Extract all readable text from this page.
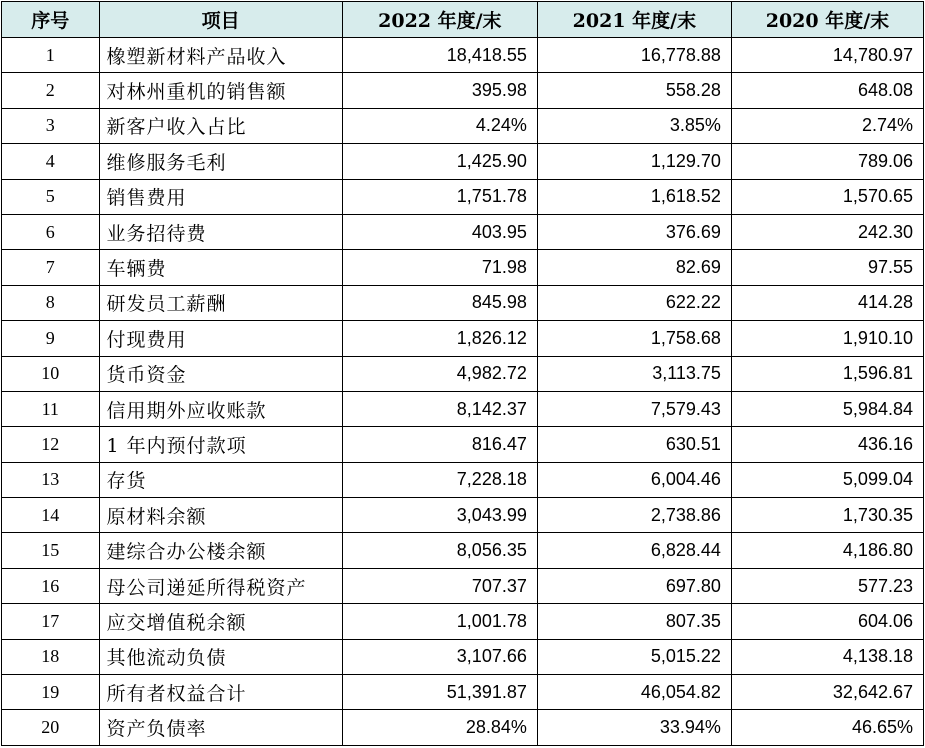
序号	项目	2022 年度/末	2021 年度/末	2020 年度/末
1	橡塑新材料产品收入	18,418.55	16,778.88	14,780.97
2	对林州重机的销售额	395.98	558.28	648.08
3	新客户收入占比	4.24%	3.85%	2.74%
4	维修服务毛利	1,425.90	1,129.70	789.06
5	销售费用	1,751.78	1,618.52	1,570.65
6	业务招待费	403.95	376.69	242.30
7	车辆费	71.98	82.69	97.55
8	研发员工薪酬	845.98	622.22	414.28
9	付现费用	1,826.12	1,758.68	1,910.10
10	货币资金	4,982.72	3,113.75	1,596.81
11	信用期外应收账款	8,142.37	7,579.43	5,984.84
12	1 年内预付款项	816.47	630.51	436.16
13	存货	7,228.18	6,004.46	5,099.04
14	原材料余额	3,043.99	2,738.86	1,730.35
15	建综合办公楼余额	8,056.35	6,828.44	4,186.80
16	母公司递延所得税资产	707.37	697.80	577.23
17	应交增值税余额	1,001.78	807.35	604.06
18	其他流动负债	3,107.66	5,015.22	4,138.18
19	所有者权益合计	51,391.87	46,054.82	32,642.67
20	资产负债率	28.84%	33.94%	46.65%
